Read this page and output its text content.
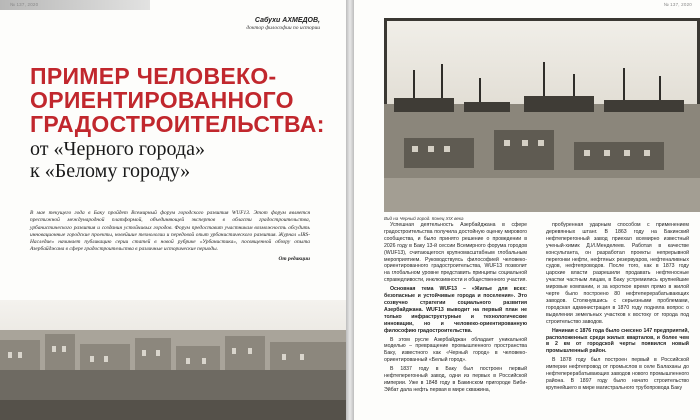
№ 137, 2020
Сабухи АХМЕДОВ,
доктор философии по истории
ПРИМЕР ЧЕЛОВЕКО-
ОРИЕНТИРОВАННОГО
ГРАДОСТРОИТЕЛЬСТВА:
от «Черного города»
к «Белому городу»
В мае текущего года в Баку пройдет Всемирный форум городского развития WUF13. Этот форум является престижной международной платформой, объединяющей экспертов в области градостроительства, урбанистического развития и создания устойчивых городов. Форум предоставит участникам возможность обсудить инновационные городские проекты, новейшие технологии и передовой опыт урбанистического развития. Журнал «IRS-Наследие» начинает публикацию серии статей в новой рубрике «Урбанистика», посвященной обзору опыта Азербайджана в сфере градостроительства в различные исторические периоды.
От редакции
№ 137, 2020
Вид на Черный город. Конец XIX века

Успешная деятельность Азербайджана в сфере градостроительства получила достойную оценку мирового сообщества, и было принято решение о проведении в 2026 году в Баку 13-й сессии Всемирного форума городов (WUF13), считающегося крупномасштабным глобальным мероприятием. Руководствуясь философией человеко-ориентированного градостроительства, WUF13 позволит на глобальном уровне представить принципы социальной справедливости, инклюзивности и общественного участия.

Основная тема WUF13 – «Жилье для всех: безопасные и устойчивые города и поселения». Это созвучно стратегии социального развития Азербайджана. WUF13 выводит на первый план не только инфраструктурные и технологические инновации, но и человеко-ориентированную философию градостроительства.

В этом русле Азербайджан обладает уникальной моделью – превращение промышленного пространства Баку, известного как «Черный город» в человеко-ориентированный «Белый город».

В 1837 году в Баку был построен первый нефтеперегонный завод, одни из первых в Российской империи. Уже в 1848 году в Бакинском пригороде Биби-Эйбат дала нефть первая в мире скважина,

пробуренная ударным способом с применением деревянных штанг. В 1863 году на Бакинский нефтеперегонный завод приехал всемирно известный ученый-химик Д.И.Менделеев. Работая в качестве консультанта, он разработал проекты непрерывной перегонки нефти, нефтяных резервуаров, нефтеналивных судов, нефтепроводов. После того, как в 1873 году царские власти разрешили продавать нефтеносные участки частным лицам, в Баку устремились крупнейшие мировые компании, и за короткое время прямо в жилой черте было построено 80 нефтеперерабатывающих заводов. Столкнувшись с серьезными проблемами, городская администрация в 1870 году подняла вопрос о выделении земельных участков к востоку от города под строительство заводов.

Начиная с 1876 года было снесено 147 предприятий, расположенных среди жилых кварталов, и более чем в 2 км от городской черты появился новый промышленный район.

В 1878 году был построен первый в Российской империи нефтепровод от промыслов в селе Балаханы до нефтеперерабатывающих заводов нового промышленного района. В 1897 году было начато строительство крупнейшего в мире магистрального трубопровода Баку
